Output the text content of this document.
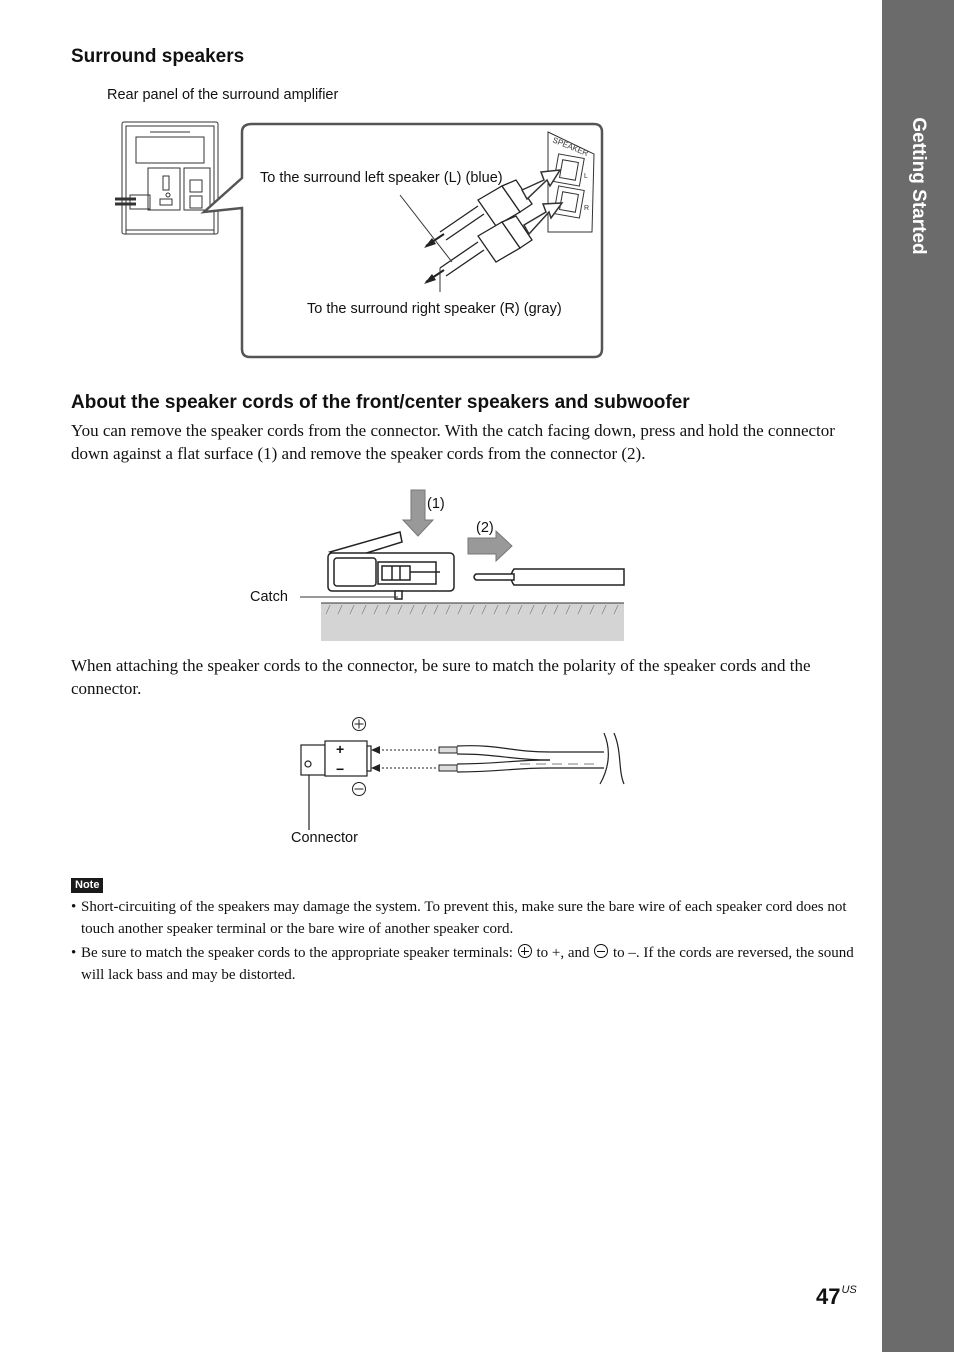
Getting Started
Surround speakers
Rear panel of the surround amplifier
SPEAKER
L
R
To the surround left speaker (L) (blue)
To the surround right speaker (R) (gray)
About the speaker cords of the front/center speakers and subwoofer

You can remove the speaker cords from the connector. With the catch facing down, press and hold the connector down against a flat surface (1) and remove the speaker cords from the connector (2).

(1)
(2)
Catch

When attaching the speaker cords to the connector, be sure to match the polarity of the speaker cords and the connector.

+
−
Connector
Note
• Short-circuiting of the speakers may damage the system. To prevent this, make sure the bare wire of each speaker cord does not touch another speaker terminal or the bare wire of another speaker cord.
• Be sure to match the speaker cords to the appropriate speaker terminals: to +, and to –. If the cords are reversed, the sound will lack bass and may be distorted.
$47^{US}$
